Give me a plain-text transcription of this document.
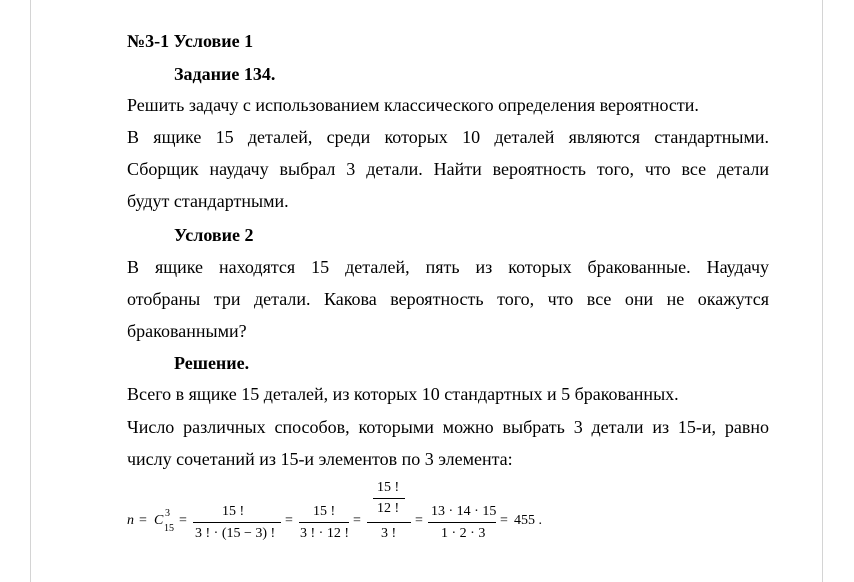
№3-1 Условие 1
Задание 134.
Решить задачу с использованием классического определения вероятности.
В ящике 15 деталей, среди которых 10 деталей являются стандартными.
Сборщик наудачу выбрал 3 детали. Найти вероятность того, что все детали
будут стандартными.
Условие 2
В ящике находятся 15 деталей, пять из которых бракованные. Наудачу
отобраны три детали. Какова вероятность того, что все они не окажутся
бракованными?
Решение.
Всего в ящике 15 деталей, из которых 10 стандартных и 5 бракованных.
Число различных способов, которыми можно выбрать 3 детали из 15-и, равно
числу сочетаний из 15-и элементов по 3 элемента:
n = C 3
15
=
15 !
3 ! · (15 − 3) !
=
15 !
3 ! · 12 !
=
15 !
12 !
3 !
=
13 · 14 · 15
1 · 2 · 3
= 455 .
